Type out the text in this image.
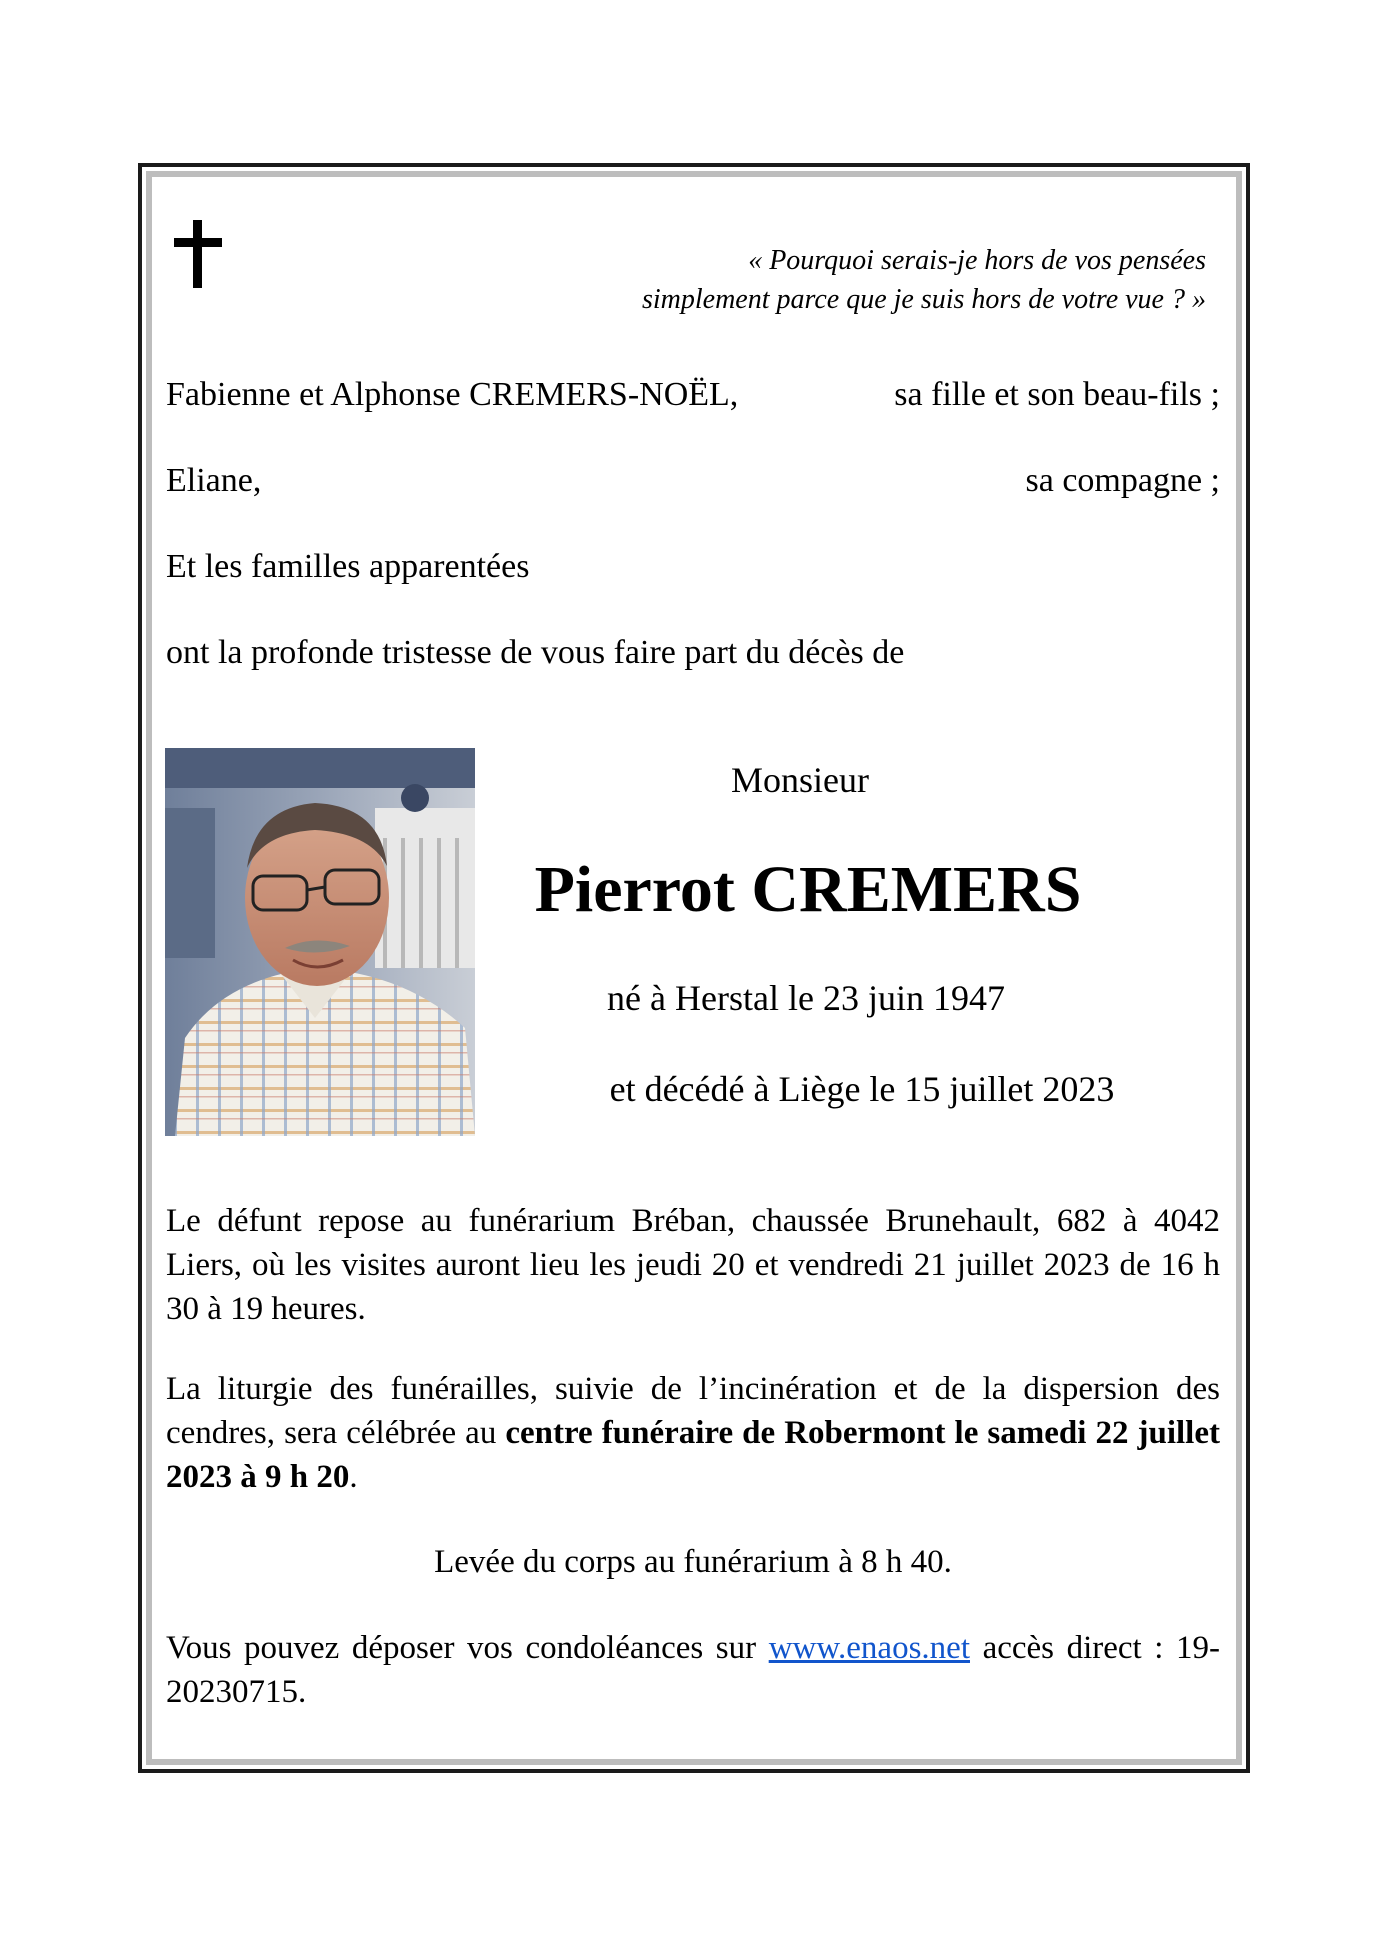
« Pourquoi serais-je hors de vos pensées
simplement parce que je suis hors de votre vue ? »
Fabienne et Alphonse CREMERS-NOËL,	sa fille et son beau-fils ;
Eliane,	sa compagne ;
Et les familles apparentées
ont la profonde tristesse de vous faire part du décès de
Monsieur
Pierrot CREMERS
né à Herstal le 23 juin 1947
et décédé à Liège le 15 juillet 2023
Le défunt repose au funérarium Bréban, chaussée Brunehault, 682 à 4042 Liers, où les visites auront lieu les jeudi 20 et vendredi 21 juillet 2023 de 16 h 30 à 19 heures.
La liturgie des funérailles, suivie de l’incinération et de la dispersion des cendres, sera célébrée au centre funéraire de Robermont le samedi 22 juillet 2023 à 9 h 20.
Levée du corps au funérarium à 8 h 40.
Vous pouvez déposer vos condoléances sur www.enaos.net accès direct : 19-20230715.
